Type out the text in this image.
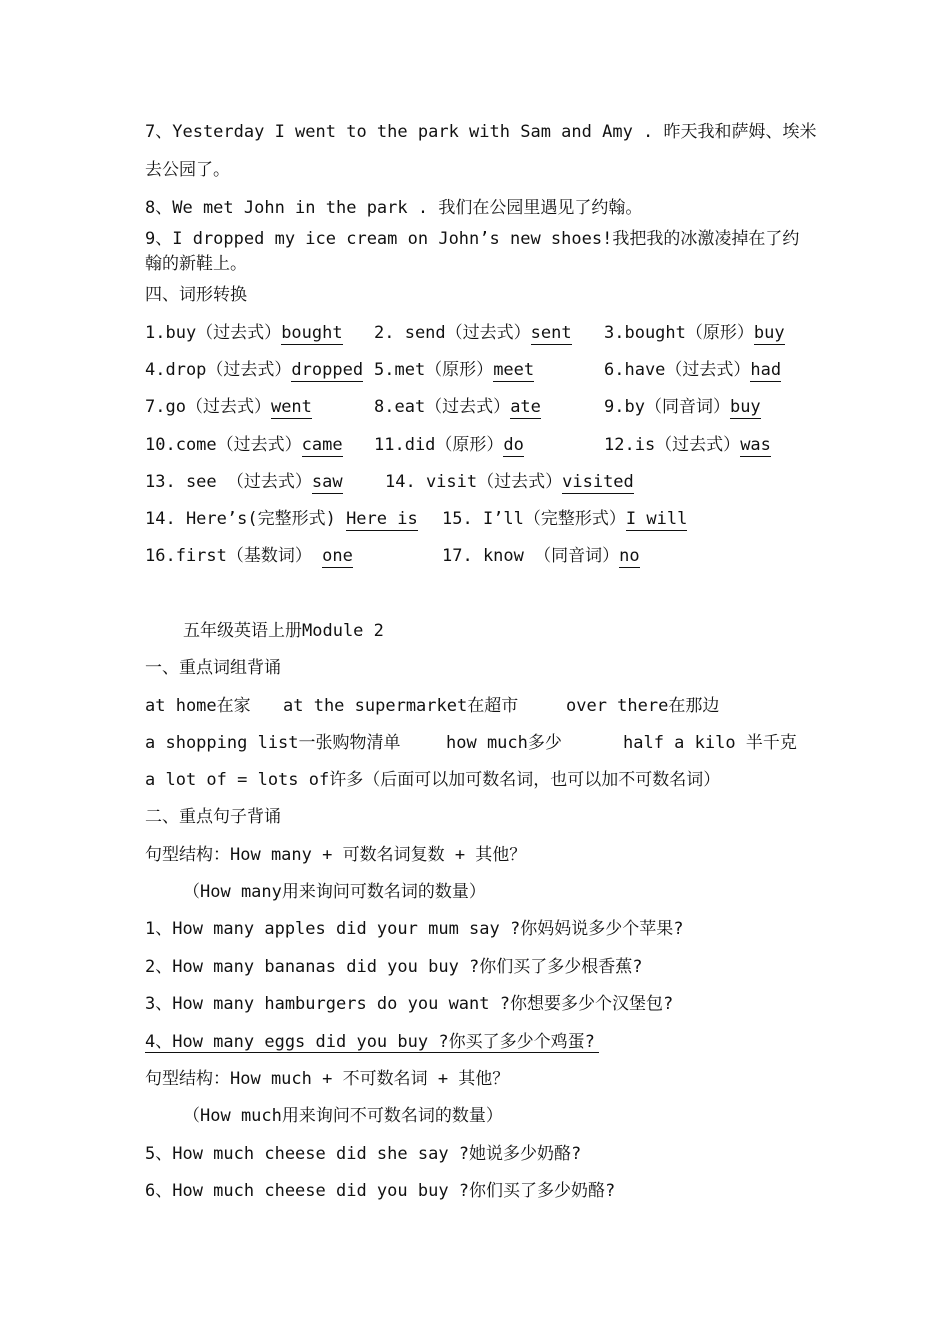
7、Yesterday I went to the park with Sam and Amy . 昨天我和萨姆、埃米
去公园了。
8、We met John in the park . 我们在公园里遇见了约翰。
9、I dropped my ice cream on John’s new shoes!我把我的冰激凌掉在了约
翰的新鞋上。
四、词形转换
1.buy（过去式）bought 2. send（过去式）sent 3.bought（原形）buy
4.drop（过去式）dropped 5.met（原形）meet	6.have（过去式）had
7.go（过去式）went	8.eat（过去式）ate	9.by（同音词）buy
10.come（过去式）came 11.did（原形）do	12.is（过去式）was
13. see （过去式）saw 14. visit（过去式）visited
14. Here’s(完整形式) Here is 15. I’ll（完整形式）I will
16.first（基数词） one	17. know （同音词）no
五年级英语上册Module 2
一、重点词组背诵
at home在家 at the supermarket在超市	over there在那边
a shopping list一张购物清单	how much多少	half a kilo 半千克
a lot of = lots of许多（后面可以加可数名词，也可以加不可数名词）
二、重点句子背诵
句型结构：How many + 可数名词复数 + 其他？
（How many用来询问可数名词的数量）
1、How many apples did your mum say ?你妈妈说多少个苹果?
2、How many bananas did you buy ?你们买了多少根香蕉?
3、How many hamburgers do you want ?你想要多少个汉堡包?
4、How many eggs did you buy ?你买了多少个鸡蛋?
句型结构：How much + 不可数名词 + 其他？
（How much用来询问不可数名词的数量）
5、How much cheese did she say ?她说多少奶酪?
6、How much cheese did you buy ?你们买了多少奶酪?
